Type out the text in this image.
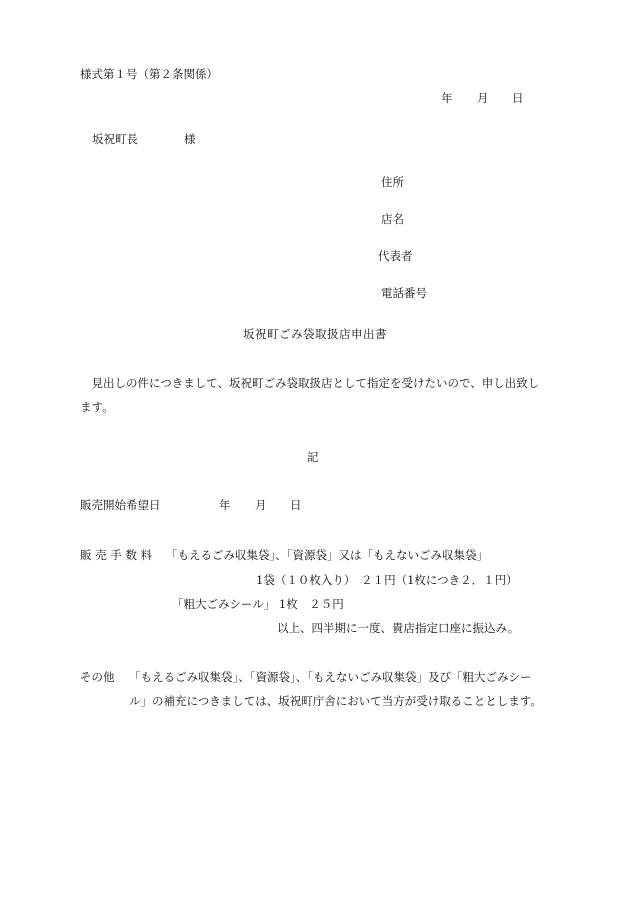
様式第１号（第２条関係）
年 月 日
坂祝町長	様
住所
店名
代表者
電話番号
坂祝町ごみ袋取扱店申出書
　見出しの件につきまして、坂祝町ごみ袋取扱店として指定を受けたいので、申し出致し
ます。
記
販売開始希望日	年 月 日
販 売 手 数 料 「もえるごみ収集袋」、「資源袋」又は「もえないごみ収集袋」
1袋（１０枚入り）　２１円（1枚につき２．１円）
「粗大ごみシール」 1枚　２５円
以上、四半期に一度、貴店指定口座に振込み。
その他 「もえるごみ収集袋」、「資源袋」、「もえないごみ収集袋」及び「粗大ごみシー
ル」の補充につきましては、坂祝町庁舎において当方が受け取ることとします。
